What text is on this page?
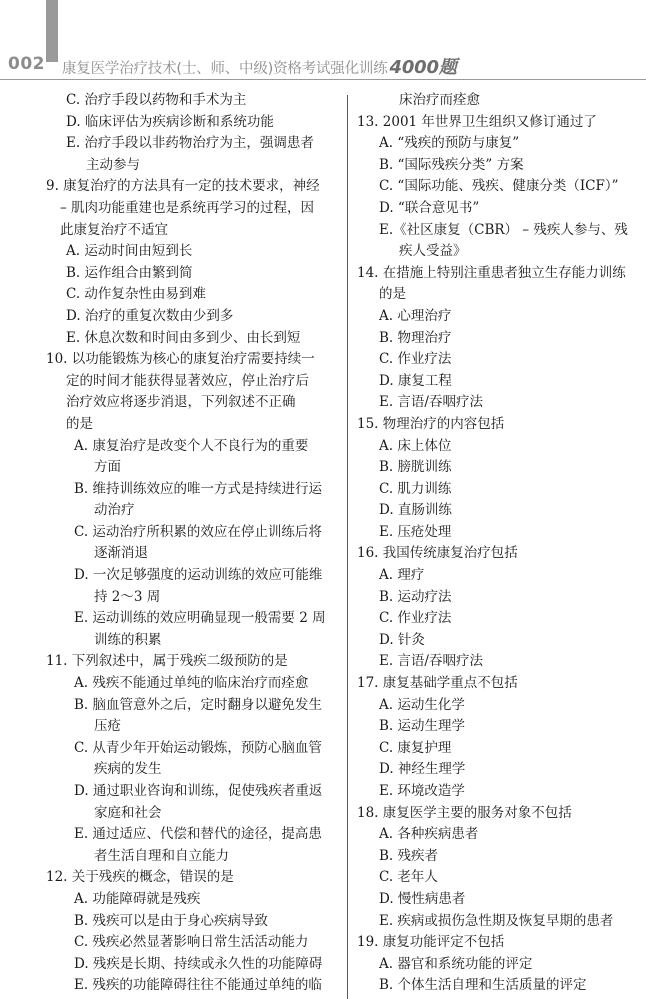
002 康复医学治疗技术(士、师、中级)资格考试强化训练 4000题
C. 治疗手段以药物和手术为主
D. 临床评估为疾病诊断和系统功能
E. 治疗手段以非药物治疗为主，强调患者
主动参与
9. 康复治疗的方法具有一定的技术要求，神经
– 肌肉功能重建也是系统再学习的过程，因
此康复治疗不适宜
A. 运动时间由短到长
B. 运作组合由繁到简
C. 动作复杂性由易到难
D. 治疗的重复次数由少到多
E. 休息次数和时间由多到少、由长到短
10. 以功能锻炼为核心的康复治疗需要持续一
定的时间才能获得显著效应，停止治疗后
治疗效应将逐步消退，下列叙述不正确
的是
A. 康复治疗是改变个人不良行为的重要
方面
B. 维持训练效应的唯一方式是持续进行运
动治疗
C. 运动治疗所积累的效应在停止训练后将
逐渐消退
D. 一次足够强度的运动训练的效应可能维
持 2～3 周
E. 运动训练的效应明确显现一般需要 2 周
训练的积累
11. 下列叙述中，属于残疾二级预防的是
A. 残疾不能通过单纯的临床治疗而痊愈
B. 脑血管意外之后，定时翻身以避免发生
压疮
C. 从青少年开始运动锻炼，预防心脑血管
疾病的发生
D. 通过职业咨询和训练，促使残疾者重返
家庭和社会
E. 通过适应、代偿和替代的途径，提高患
者生活自理和自立能力
12. 关于残疾的概念，错误的是
A. 功能障碍就是残疾
B. 残疾可以是由于身心疾病导致
C. 残疾必然显著影响日常生活活动能力
D. 残疾是长期、持续或永久性的功能障碍
E. 残疾的功能障碍往往不能通过单纯的临
床治疗而痊愈
13. 2001 年世界卫生组织又修订通过了
A. “残疾的预防与康复”
B. “国际残疾分类” 方案
C. “国际功能、残疾、健康分类（ICF）”
D. “联合意见书”
E.《社区康复（CBR） – 残疾人参与、残
疾人受益》
14. 在措施上特别注重患者独立生存能力训练
的是
A. 心理治疗
B. 物理治疗
C. 作业疗法
D. 康复工程
E. 言语/吞咽疗法
15. 物理治疗的内容包括
A. 床上体位
B. 膀胱训练
C. 肌力训练
D. 直肠训练
E. 压疮处理
16. 我国传统康复治疗包括
A. 理疗
B. 运动疗法
C. 作业疗法
D. 针灸
E. 言语/吞咽疗法
17. 康复基础学重点不包括
A. 运动生化学
B. 运动生理学
C. 康复护理
D. 神经生理学
E. 环境改造学
18. 康复医学主要的服务对象不包括
A. 各种疾病患者
B. 残疾者
C. 老年人
D. 慢性病患者
E. 疾病或损伤急性期及恢复早期的患者
19. 康复功能评定不包括
A. 器官和系统功能的评定
B. 个体生活自理和生活质量的评定
